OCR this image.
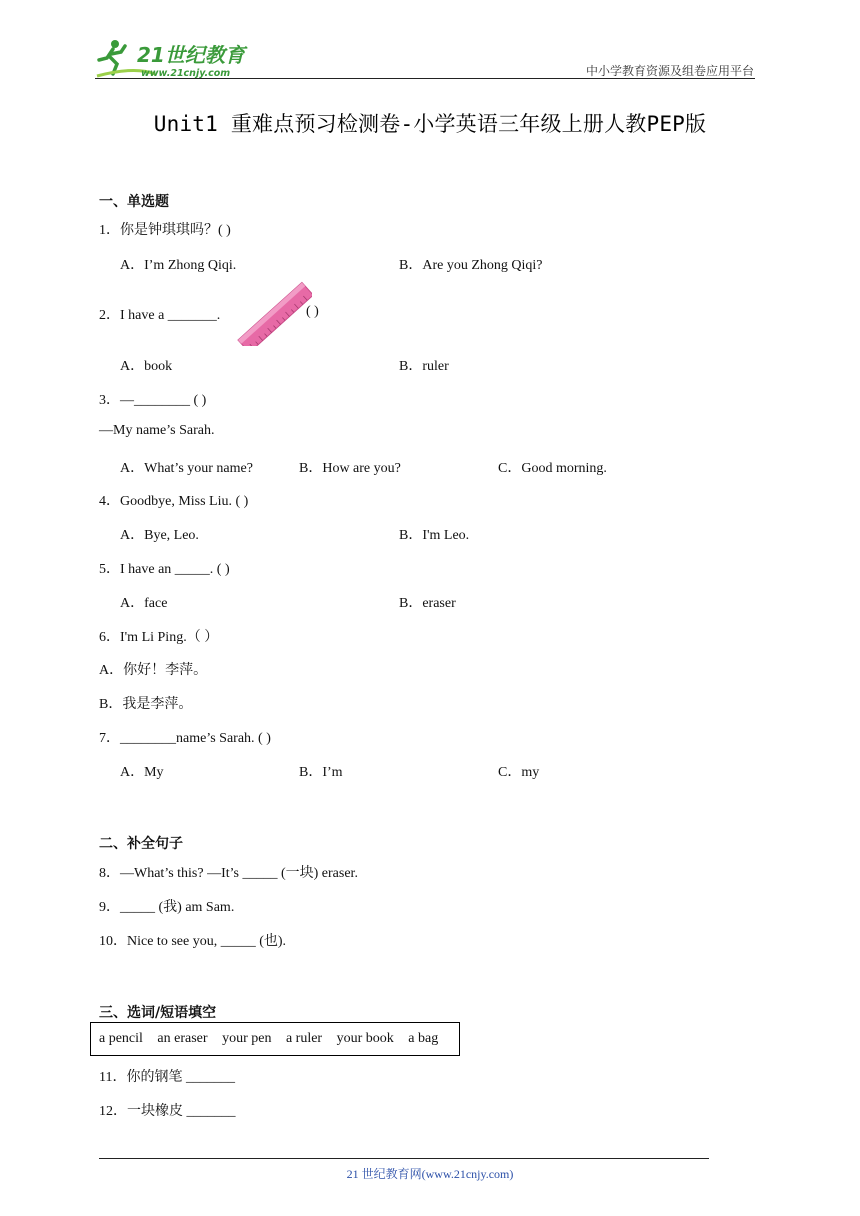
21世纪教育
www.21cnjy.com	中小学教育资源及组卷应用平台
Unit1 重难点预习检测卷-小学英语三年级上册人教PEP版
一、单选题
1．你是钟琪琪吗？( )
A．I’m Zhong Qiqi.	B．Are you Zhong Qiqi?
2．I have a _______.	( )
A．book	B．ruler
3．—________ ( )
—My name’s Sarah.
A．What’s your name?	B．How are you?	C．Good morning.
4．Goodbye, Miss Liu. ( )
A．Bye, Leo.	B．I'm Leo.
5．I have an _____. ( )
A．face	B．eraser
6．I'm Li Ping.（ ）
A．你好！李萍。
B．我是李萍。
7．________name’s Sarah. ( )
A．My	B．I’m	C．my
二、补全句子
8．—What’s this? —It’s _____ (一块) eraser.
9．_____ (我) am Sam.
10．Nice to see you, _____ (也).
三、选词/短语填空
a pencil an eraser your pen a ruler your book a bag
11．你的钢笔 _______
12．一块橡皮 _______
21 世纪教育网(www.21cnjy.com)
